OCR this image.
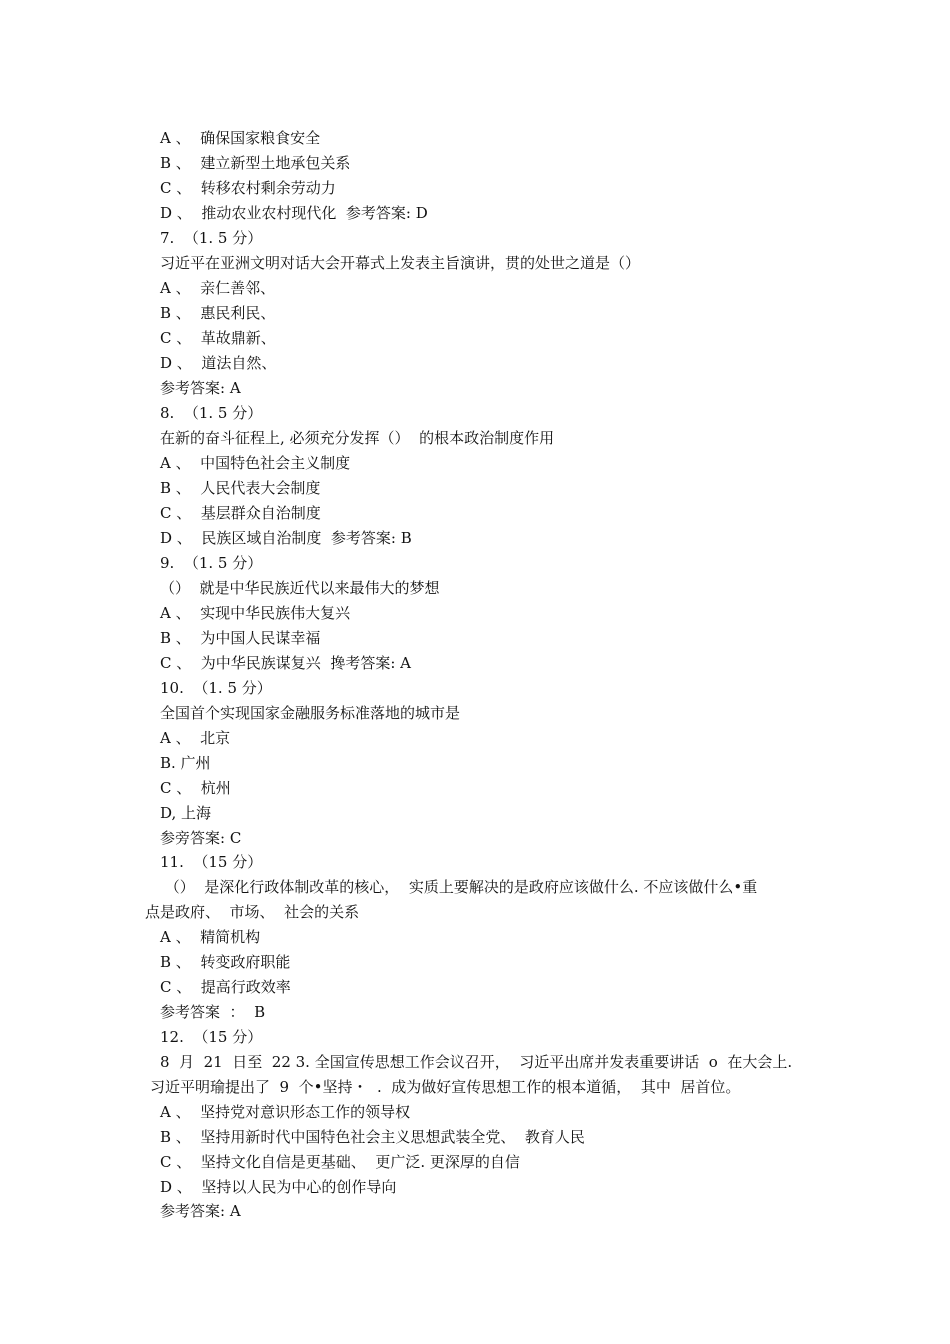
A 、  确保国家粮食安全
B 、  建立新型土地承包关系
C 、  转移农村剩余劳动力
D 、  推动农业农村现代化  参考答案: D
7.  （1. 5 分）
习近平在亚洲文明对话大会开幕式上发表主旨演讲，贯的处世之道是（）
A 、  亲仁善邻、
B 、  惠民利民、
C 、  革故鼎新、
D 、  道法自然、
参考答案: A
8.  （1. 5 分）
在新的奋斗征程上, 必须充分发挥（）  的根本政治制度作用
A 、  中国特色社会主义制度
B 、  人民代表大会制度
C 、  基层群众自治制度
D 、  民族区域自治制度  参考答案: B
9.  （1. 5 分）
（）  就是中华民族近代以来最伟大的梦想
A 、  实现中华民族伟大复兴
B 、  为中国人民谋幸福
C 、  为中华民族谋复兴  搀考答案: A
10.  （1. 5 分）
全国首个实现国家金融服务标准落地的城市是
A 、  北京
B. 广州
C 、  杭州
D, 上海
参旁答案: C
11.  （15 分）
（）  是深化行政体制改革的核心，  实质上要解决的是政府应该做什么. 不应该做什么•重
点是政府、  市场、  社会的关系
A 、  精简机构
B 、  转变政府职能
C 、  提高行政效率
参考答案  ：  B
12.  （15 分）
8  月  21  日至  22 3. 全国宣传思想工作会议召开，  习近平出席并发表重要讲话  o  在大会上.
习近平明瑜提出了  9  个•坚持・  .  成为做好宣传思想工作的根本道循，  其中  居首位。
A 、  坚持党对意识形态工作的领导权
B 、  坚持用新时代中国特色社会主义思想武装全党、  教育人民
C 、  坚持文化自信是更基础、  更广泛. 更深厚的自信
D 、  坚持以人民为中心的创作导向
参考答案: A
